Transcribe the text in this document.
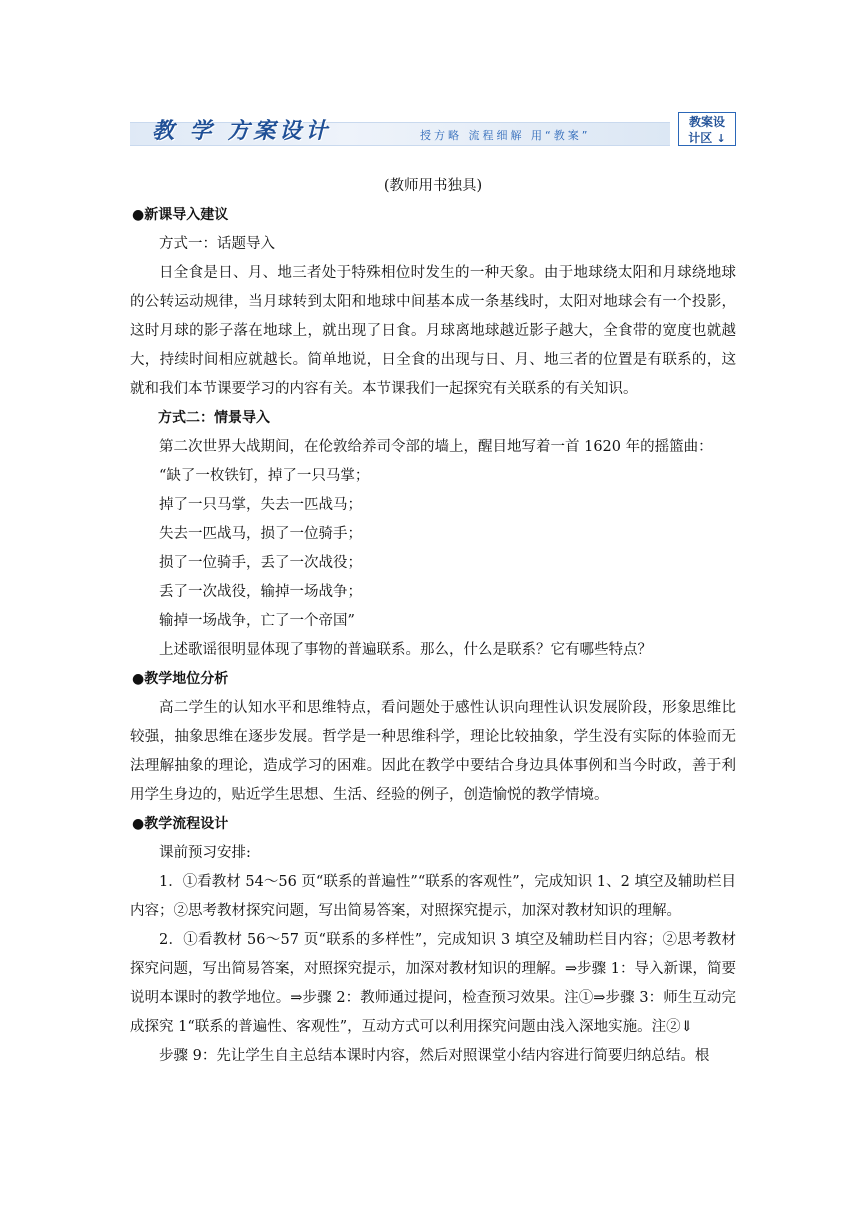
教 学 方案设计	授方略 流程细解 用“教案”
教案设
计区 ↓

(教师用书独具)

●新课导入建议

方式一：话题导入

日全食是日、月、地三者处于特殊相位时发生的一种天象。由于地球绕太阳和月球绕地球的公转运动规律，当月球转到太阳和地球中间基本成一条基线时，太阳对地球会有一个投影，这时月球的影子落在地球上，就出现了日食。月球离地球越近影子越大，全食带的宽度也就越大，持续时间相应就越长。简单地说，日全食的出现与日、月、地三者的位置是有联系的，这就和我们本节课要学习的内容有关。本节课我们一起探究有关联系的有关知识。

方式二：情景导入

第二次世界大战期间，在伦敦给养司令部的墙上，醒目地写着一首 1620 年的摇篮曲：

“缺了一枚铁钉，掉了一只马掌；

掉了一只马掌，失去一匹战马；

失去一匹战马，损了一位骑手；

损了一位骑手，丢了一次战役；

丢了一次战役，输掉一场战争；

输掉一场战争，亡了一个帝国”

上述歌谣很明显体现了事物的普遍联系。那么，什么是联系？它有哪些特点？

●教学地位分析

高二学生的认知水平和思维特点，看问题处于感性认识向理性认识发展阶段，形象思维比较强，抽象思维在逐步发展。哲学是一种思维科学，理论比较抽象，学生没有实际的体验而无法理解抽象的理论，造成学习的困难。因此在教学中要结合身边具体事例和当今时政，善于利用学生身边的，贴近学生思想、生活、经验的例子，创造愉悦的教学情境。

●教学流程设计

课前预习安排:

1．①看教材 54～56 页“联系的普遍性”“联系的客观性”，完成知识 1、2 填空及辅助栏目内容；②思考教材探究问题，写出简易答案，对照探究提示，加深对教材知识的理解。

2．①看教材 56～57 页“联系的多样性”，完成知识 3 填空及辅助栏目内容；②思考教材探究问题，写出简易答案，对照探究提示，加深对教材知识的理解。⇒步骤 1：导入新课，简要说明本课时的教学地位。⇒步骤 2：教师通过提问，检查预习效果。注①⇒步骤 3：师生互动完成探究 1“联系的普遍性、客观性”，互动方式可以利用探究问题由浅入深地实施。注②⇓

步骤 9：先让学生自主总结本课时内容，然后对照课堂小结内容进行简要归纳总结。根
